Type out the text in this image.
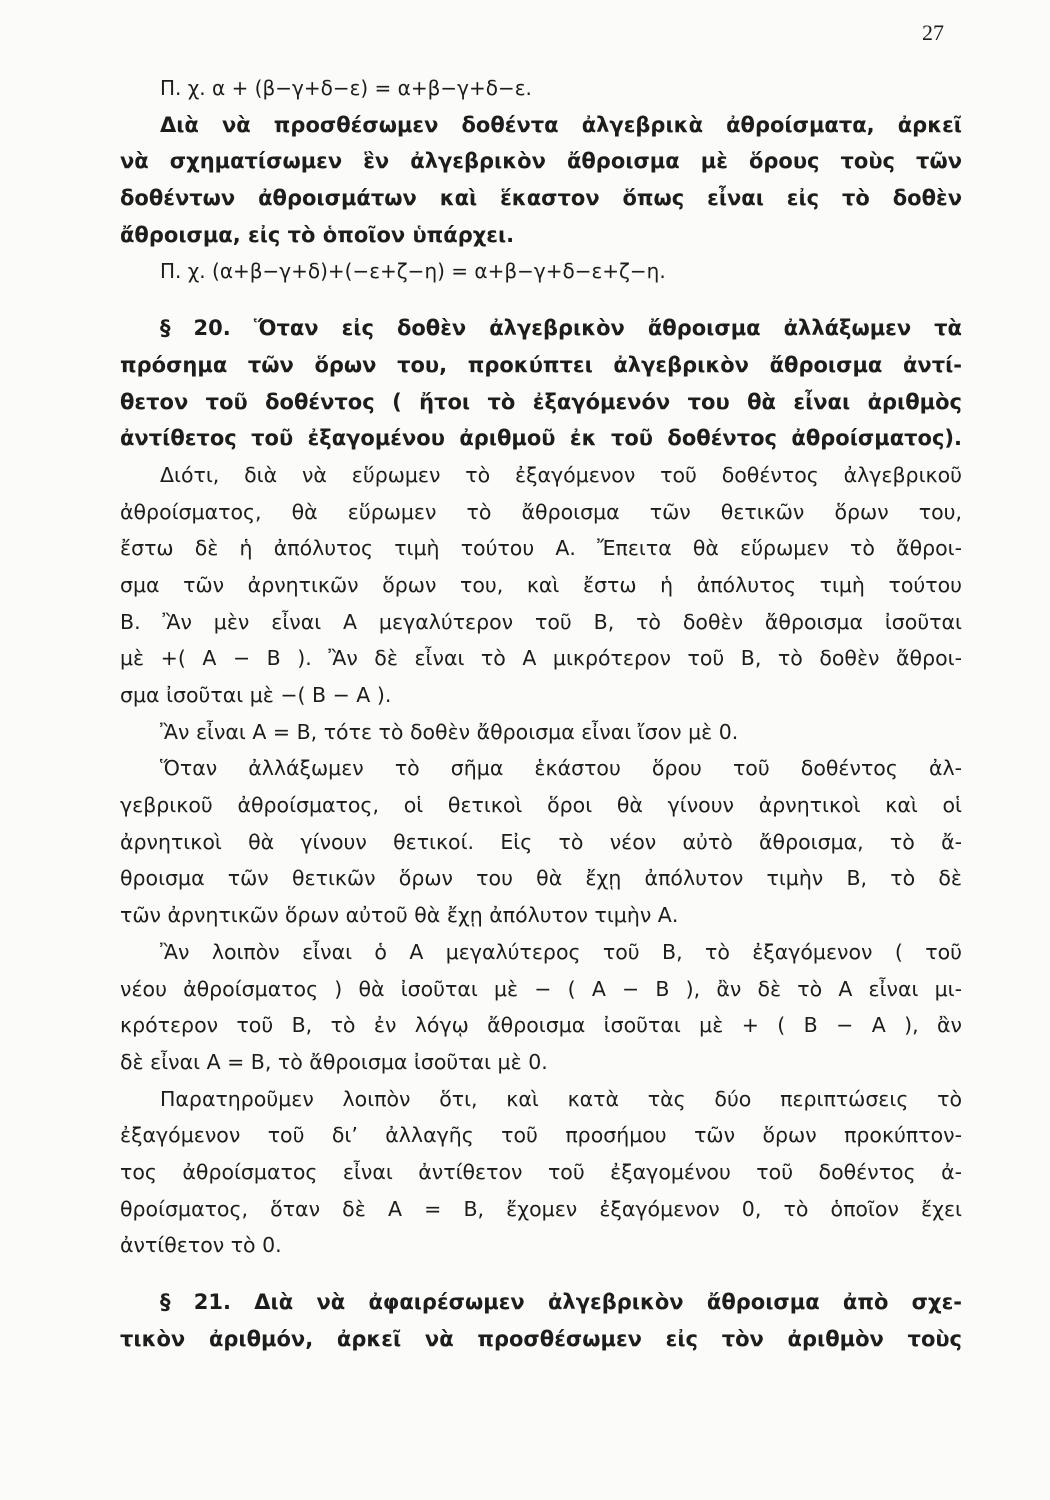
27
Π. χ. α + (β−γ+δ−ε) = α+β−γ+δ−ε.
Διὰ νὰ προσθέσωμεν δοθέντα ἀλγεβρικὰ ἀθροίσματα, ἀρκεῖ
νὰ σχηματίσωμεν ἓν ἀλγεβρικὸν ἄθροισμα μὲ ὅρους τοὺς τῶν
δοθέντων ἀθροισμάτων καὶ ἕκαστον ὅπως εἶναι εἰς τὸ δοθὲν
ἄθροισμα, εἰς τὸ ὁποῖον ὑπάρχει.
Π. χ. (α+β−γ+δ)+(−ε+ζ−η) = α+β−γ+δ−ε+ζ−η.
§ 20. Ὅταν εἰς δοθὲν ἀλγεβρικὸν ἄθροισμα ἀλλάξωμεν τὰ
πρόσημα τῶν ὅρων του, προκύπτει ἀλγεβρικὸν ἄθροισμα ἀντί-
θετον τοῦ δοθέντος ( ἤτοι τὸ ἐξαγόμενόν του θὰ εἶναι ἀριθμὸς
ἀντίθετος τοῦ ἐξαγομένου ἀριθμοῦ ἐκ τοῦ δοθέντος ἀθροίσματος).
Διότι, διὰ νὰ εὕρωμεν τὸ ἐξαγόμενον τοῦ δοθέντος ἀλγεβρικοῦ
ἀθροίσματος, θὰ εὕρωμεν τὸ ἄθροισμα τῶν θετικῶν ὅρων του,
ἔστω δὲ ἡ ἀπόλυτος τιμὴ τούτου Α. Ἔπειτα θὰ εὕρωμεν τὸ ἄθροι-
σμα τῶν ἀρνητικῶν ὅρων του, καὶ ἔστω ἡ ἀπόλυτος τιμὴ τούτου
Β. Ἂν μὲν εἶναι Α μεγαλύτερον τοῦ Β, τὸ δοθὲν ἄθροισμα ἰσοῦται
μὲ +( Α − Β ). Ἂν δὲ εἶναι τὸ Α μικρότερον τοῦ Β, τὸ δοθὲν ἄθροι-
σμα ἰσοῦται μὲ −( Β − Α ).
Ἂν εἶναι Α = Β, τότε τὸ δοθὲν ἄθροισμα εἶναι ἴσον μὲ 0.
Ὅταν ἀλλάξωμεν τὸ σῆμα ἑκάστου ὅρου τοῦ δοθέντος ἀλ-
γεβρικοῦ ἀθροίσματος, οἱ θετικοὶ ὅροι θὰ γίνουν ἀρνητικοὶ καὶ οἱ
ἀρνητικοὶ θὰ γίνουν θετικοί. Εἰς τὸ νέον αὐτὸ ἄθροισμα, τὸ ἄ-
θροισμα τῶν θετικῶν ὅρων του θὰ ἔχῃ ἀπόλυτον τιμὴν Β, τὸ δὲ
τῶν ἀρνητικῶν ὅρων αὐτοῦ θὰ ἔχῃ ἀπόλυτον τιμὴν Α.
Ἂν λοιπὸν εἶναι ὁ Α μεγαλύτερος τοῦ Β, τὸ ἐξαγόμενον ( τοῦ
νέου ἀθροίσματος ) θὰ ἰσοῦται μὲ − ( Α − Β ), ἂν δὲ τὸ Α εἶναι μι-
κρότερον τοῦ Β, τὸ ἐν λόγῳ ἄθροισμα ἰσοῦται μὲ + ( Β − Α ), ἂν
δὲ εἶναι Α = Β, τὸ ἄθροισμα ἰσοῦται μὲ 0.
Παρατηροῦμεν λοιπὸν ὅτι, καὶ κατὰ τὰς δύο περιπτώσεις τὸ
ἐξαγόμενον τοῦ δι’ ἀλλαγῆς τοῦ προσήμου τῶν ὅρων προκύπτον-
τος ἀθροίσματος εἶναι ἀντίθετον τοῦ ἐξαγομένου τοῦ δοθέντος ἀ-
θροίσματος, ὅταν δὲ Α = Β, ἔχομεν ἐξαγόμενον 0, τὸ ὁποῖον ἔχει
ἀντίθετον τὸ 0.
§ 21. Διὰ νὰ ἀφαιρέσωμεν ἀλγεβρικὸν ἄθροισμα ἀπὸ σχε-
τικὸν ἀριθμόν, ἀρκεῖ νὰ προσθέσωμεν εἰς τὸν ἀριθμὸν τοὺς
